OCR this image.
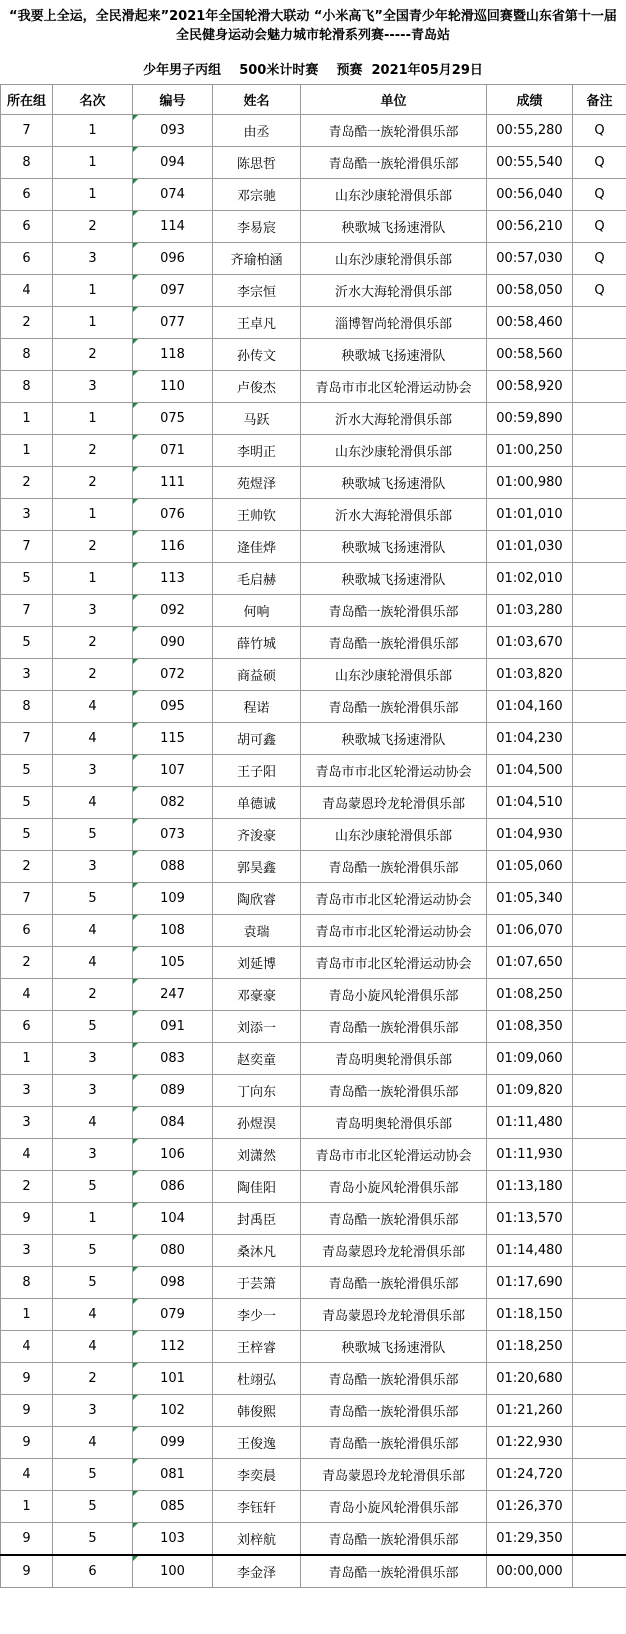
“我要上全运，全民滑起来”2021年全国轮滑大联动 “小米高飞”全国青少年轮滑巡回赛暨山东省第十一届全民健身运动会魅力城市轮滑系列赛-----青岛站
少年男子丙组    500米计时赛    预赛  2021年05月29日
所在组	名次	编号	姓名	单位	成绩	备注
7	1	093	由丞	青岛酷一族轮滑俱乐部	00:55,280	Q
8	1	094	陈思哲	青岛酷一族轮滑俱乐部	00:55,540	Q
6	1	074	邓宗驰	山东沙康轮滑俱乐部	00:56,040	Q
6	2	114	李易宸	秧歌城飞扬速滑队	00:56,210	Q
6	3	096	齐瑜柏涵	山东沙康轮滑俱乐部	00:57,030	Q
4	1	097	李宗恒	沂水大海轮滑俱乐部	00:58,050	Q
2	1	077	王卓凡	淄博智尚轮滑俱乐部	00:58,460	
8	2	118	孙传文	秧歌城飞扬速滑队	00:58,560	
8	3	110	卢俊杰	青岛市市北区轮滑运动协会	00:58,920	
1	1	075	马跃	沂水大海轮滑俱乐部	00:59,890	
1	2	071	李明正	山东沙康轮滑俱乐部	01:00,250	
2	2	111	苑煜泽	秧歌城飞扬速滑队	01:00,980	
3	1	076	王帅钦	沂水大海轮滑俱乐部	01:01,010	
7	2	116	逄佳烨	秧歌城飞扬速滑队	01:01,030	
5	1	113	毛启赫	秧歌城飞扬速滑队	01:02,010	
7	3	092	何响	青岛酷一族轮滑俱乐部	01:03,280	
5	2	090	薛竹城	青岛酷一族轮滑俱乐部	01:03,670	
3	2	072	商益硕	山东沙康轮滑俱乐部	01:03,820	
8	4	095	程诺	青岛酷一族轮滑俱乐部	01:04,160	
7	4	115	胡可鑫	秧歌城飞扬速滑队	01:04,230	
5	3	107	王子阳	青岛市市北区轮滑运动协会	01:04,500	
5	4	082	单德诚	青岛蒙恩玲龙轮滑俱乐部	01:04,510	
5	5	073	齐浚豪	山东沙康轮滑俱乐部	01:04,930	
2	3	088	郭昊鑫	青岛酷一族轮滑俱乐部	01:05,060	
7	5	109	陶欣睿	青岛市市北区轮滑运动协会	01:05,340	
6	4	108	袁瑞	青岛市市北区轮滑运动协会	01:06,070	
2	4	105	刘延博	青岛市市北区轮滑运动协会	01:07,650	
4	2	247	邓豪豪	青岛小旋风轮滑俱乐部	01:08,250	
6	5	091	刘添一	青岛酷一族轮滑俱乐部	01:08,350	
1	3	083	赵奕童	青岛明奥轮滑俱乐部	01:09,060	
3	3	089	丁向东	青岛酷一族轮滑俱乐部	01:09,820	
3	4	084	孙煜淏	青岛明奥轮滑俱乐部	01:11,480	
4	3	106	刘潇然	青岛市市北区轮滑运动协会	01:11,930	
2	5	086	陶佳阳	青岛小旋风轮滑俱乐部	01:13,180	
9	1	104	封禹臣	青岛酷一族轮滑俱乐部	01:13,570	
3	5	080	桑沐凡	青岛蒙恩玲龙轮滑俱乐部	01:14,480	
8	5	098	于芸箫	青岛酷一族轮滑俱乐部	01:17,690	
1	4	079	李少一	青岛蒙恩玲龙轮滑俱乐部	01:18,150	
4	4	112	王梓睿	秧歌城飞扬速滑队	01:18,250	
9	2	101	杜翊弘	青岛酷一族轮滑俱乐部	01:20,680	
9	3	102	韩俊熙	青岛酷一族轮滑俱乐部	01:21,260	
9	4	099	王俊逸	青岛酷一族轮滑俱乐部	01:22,930	
4	5	081	李奕晨	青岛蒙恩玲龙轮滑俱乐部	01:24,720	
1	5	085	李钰轩	青岛小旋风轮滑俱乐部	01:26,370	
9	5	103	刘梓航	青岛酷一族轮滑俱乐部	01:29,350	
9	6	100	李金泽	青岛酷一族轮滑俱乐部	00:00,000	
